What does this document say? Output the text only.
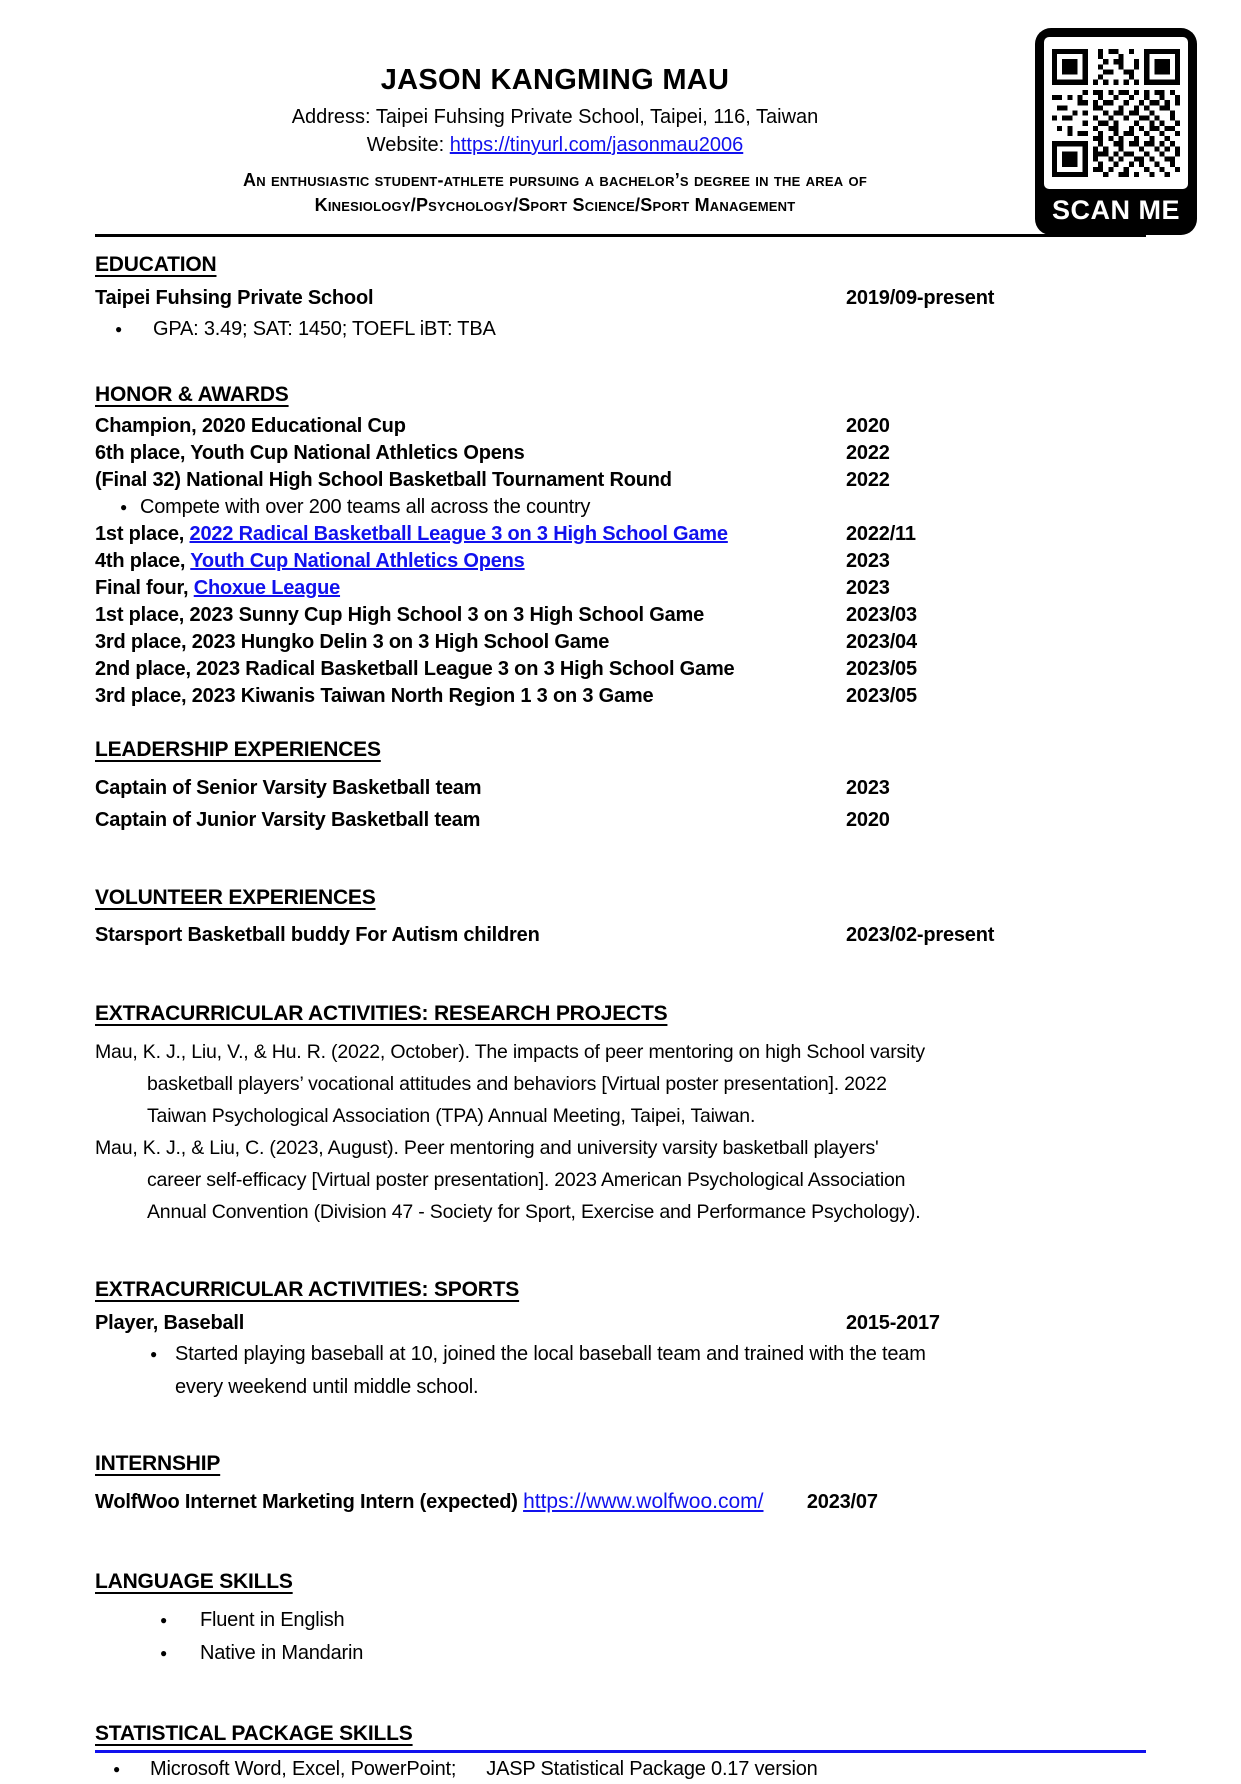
JASON KANGMING MAU
Address: Taipei Fuhsing Private School, Taipei, 116, Taiwan
Website: https://tinyurl.com/jasonmau2006
An enthusiastic student-athlete pursuing a bachelor’s degree in the area of
Kinesiology/Psychology/Sport Science/Sport Management	SCAN ME
EDUCATION
Taipei Fuhsing Private School	2019/09-present
●	GPA: 3.49; SAT: 1450; TOEFL iBT: TBA
HONOR & AWARDS
Champion, 2020 Educational Cup	2020
6th place, Youth Cup National Athletics Opens	2022
(Final 32) National High School Basketball Tournament Round	2022
● Compete with over 200 teams all across the country
1st place, 2022 Radical Basketball League 3 on 3 High School Game	2022/11
4th place, Youth Cup National Athletics Opens	2023
Final four, Choxue League	2023
1st place, 2023 Sunny Cup High School 3 on 3 High School Game	2023/03
3rd place, 2023 Hungko Delin 3 on 3 High School Game	2023/04
2nd place, 2023 Radical Basketball League 3 on 3 High School Game	2023/05
3rd place, 2023 Kiwanis Taiwan North Region 1 3 on 3 Game	2023/05
LEADERSHIP EXPERIENCES
Captain of Senior Varsity Basketball team	2023
Captain of Junior Varsity Basketball team	2020
VOLUNTEER EXPERIENCES
Starsport Basketball buddy For Autism children	2023/02-present
EXTRACURRICULAR ACTIVITIES: RESEARCH PROJECTS
Mau, K. J., Liu, V., & Hu. R. (2022, October). The impacts of peer mentoring on high School varsity
basketball players’ vocational attitudes and behaviors [Virtual poster presentation]. 2022
Taiwan Psychological Association (TPA) Annual Meeting, Taipei, Taiwan.
Mau, K. J., & Liu, C. (2023, August). Peer mentoring and university varsity basketball players'
career self-efficacy [Virtual poster presentation]. 2023 American Psychological Association
Annual Convention (Division 47 - Society for Sport, Exercise and Performance Psychology).
EXTRACURRICULAR ACTIVITIES: SPORTS
Player, Baseball	2015-2017
● Started playing baseball at 10, joined the local baseball team and trained with the team
every weekend until middle school.
INTERNSHIP
WolfWoo Internet Marketing Intern (expected) https://www.wolfwoo.com/ 2023/07
LANGUAGE SKILLS
●	Fluent in English
●	Native in Mandarin
STATISTICAL PACKAGE SKILLS
●	Microsoft Word, Excel, PowerPoint; JASP Statistical Package 0.17 version
